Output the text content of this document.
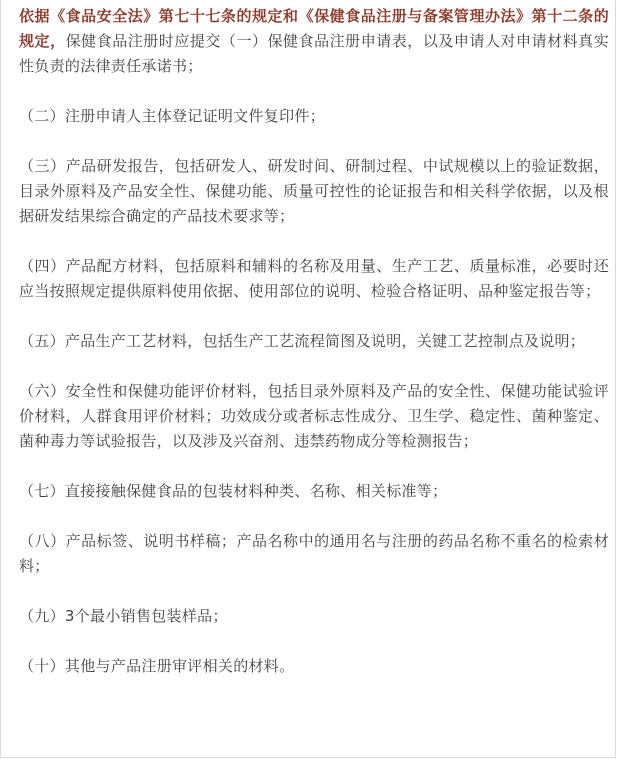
依据《食品安全法》第七十七条的规定和《保健食品注册与备案管理办法》第十二条的规定，保健食品注册时应提交（一）保健食品注册申请表，以及申请人对申请材料真实性负责的法律责任承诺书；

（二）注册申请人主体登记证明文件复印件；

（三）产品研发报告，包括研发人、研发时间、研制过程、中试规模以上的验证数据，目录外原料及产品安全性、保健功能、质量可控性的论证报告和相关科学依据，以及根据研发结果综合确定的产品技术要求等；

（四）产品配方材料，包括原料和辅料的名称及用量、生产工艺、质量标准，必要时还应当按照规定提供原料使用依据、使用部位的说明、检验合格证明、品种鉴定报告等；

（五）产品生产工艺材料，包括生产工艺流程简图及说明，关键工艺控制点及说明；

（六）安全性和保健功能评价材料，包括目录外原料及产品的安全性、保健功能试验评价材料，人群食用评价材料；功效成分或者标志性成分、卫生学、稳定性、菌种鉴定、菌种毒力等试验报告，以及涉及兴奋剂、违禁药物成分等检测报告；

（七）直接接触保健食品的包装材料种类、名称、相关标准等；

（八）产品标签、说明书样稿；产品名称中的通用名与注册的药品名称不重名的检索材料；

（九）3个最小销售包装样品；

（十）其他与产品注册审评相关的材料。
